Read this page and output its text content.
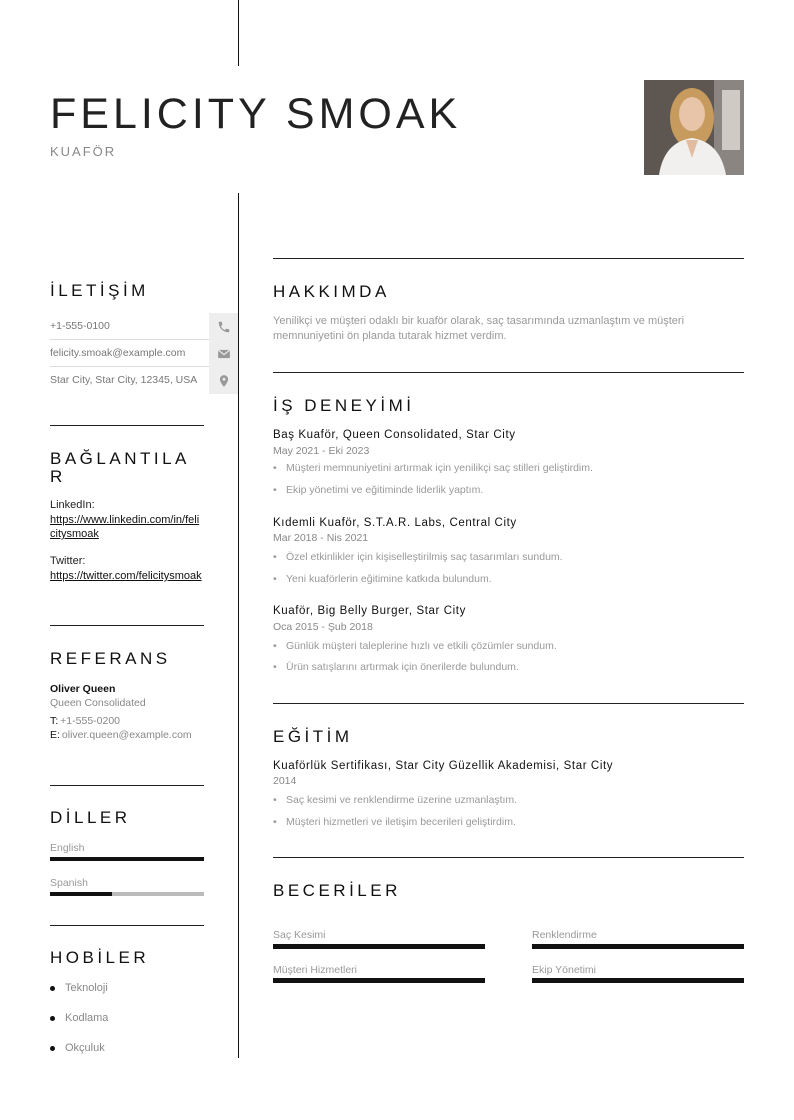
FELICITY SMOAK
KUAFÖR
İLETİŞİM
+1-555-0100
felicity.smoak@example.com
Star City, Star City, 12345, USA
BAĞLANTILAR
LinkedIn:
https://www.linkedin.com/in/felicitysmoak
Twitter:
https://twitter.com/felicitysmoak
REFERANS
Oliver Queen
Queen Consolidated
T: +1-555-0200
E: oliver.queen@example.com
DİLLER
English
Spanish
HOBİLER
Teknoloji
Kodlama
Okçuluk
HAKKIMDA
Yenilikçi ve müşteri odaklı bir kuaför olarak, saç tasarımında uzmanlaştım ve müşteri memnuniyetini ön planda tutarak hizmet verdim.
İŞ DENEYİMİ
Baş Kuaför, Queen Consolidated, Star City
May 2021 - Eki 2023
• Müşteri memnuniyetini artırmak için yenilikçi saç stilleri geliştirdim.
• Ekip yönetimi ve eğitiminde liderlik yaptım.
Kıdemli Kuaför, S.T.A.R. Labs, Central City
Mar 2018 - Nis 2021
• Özel etkinlikler için kişiselleştirilmiş saç tasarımları sundum.
• Yeni kuaförlerin eğitimine katkıda bulundum.
Kuaför, Big Belly Burger, Star City
Oca 2015 - Şub 2018
• Günlük müşteri taleplerine hızlı ve etkili çözümler sundum.
• Ürün satışlarını artırmak için önerilerde bulundum.
EĞİTİM
Kuaförlük Sertifikası, Star City Güzellik Akademisi, Star City
2014
• Saç kesimi ve renklendirme üzerine uzmanlaştım.
• Müşteri hizmetleri ve iletişim becerileri geliştirdim.
BECERİLER
Saç Kesimi	Renklendirme
Müşteri Hizmetleri	Ekip Yönetimi
